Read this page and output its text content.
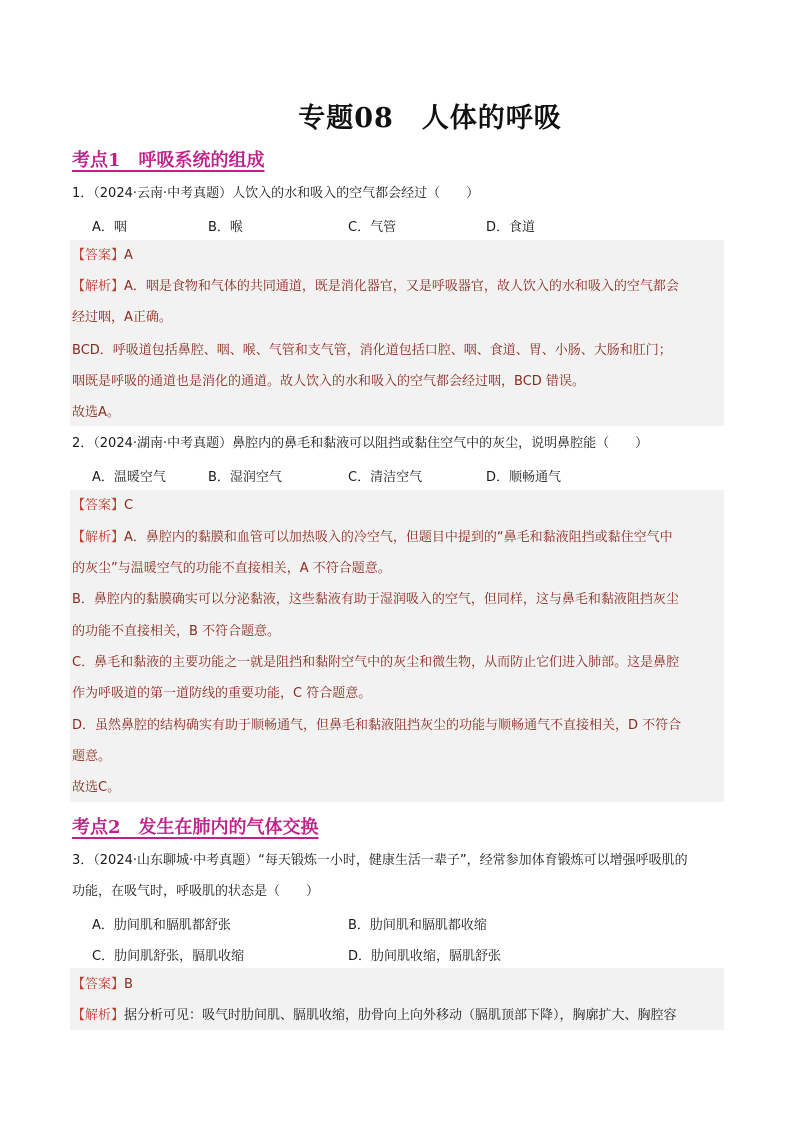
专题08　人体的呼吸
考点1　呼吸系统的组成
1．（2024·云南·中考真题）人饮入的水和吸入的空气都会经过（　　）
A．咽	B．喉	C．气管	D．食道
【答案】A
【解析】A．咽是食物和气体的共同通道，既是消化器官，又是呼吸器官，故人饮入的水和吸入的空气都会
经过咽，A正确。
BCD．呼吸道包括鼻腔、咽、喉、气管和支气管，消化道包括口腔、咽、食道、胃、小肠、大肠和肛门；
咽既是呼吸的通道也是消化的通道。故人饮入的水和吸入的空气都会经过咽，BCD 错误。
故选A。
2．（2024·湖南·中考真题）鼻腔内的鼻毛和黏液可以阻挡或黏住空气中的灰尘，说明鼻腔能（　　）
A．温暖空气	B．湿润空气	C．清洁空气	D．顺畅通气
【答案】C
【解析】A．鼻腔内的黏膜和血管可以加热吸入的冷空气，但题目中提到的“鼻毛和黏液阻挡或黏住空气中
的灰尘”与温暖空气的功能不直接相关，A 不符合题意。
B．鼻腔内的黏膜确实可以分泌黏液，这些黏液有助于湿润吸入的空气，但同样，这与鼻毛和黏液阻挡灰尘
的功能不直接相关，B 不符合题意。
C．鼻毛和黏液的主要功能之一就是阻挡和黏附空气中的灰尘和微生物，从而防止它们进入肺部。这是鼻腔
作为呼吸道的第一道防线的重要功能，C 符合题意。
D．虽然鼻腔的结构确实有助于顺畅通气，但鼻毛和黏液阻挡灰尘的功能与顺畅通气不直接相关，D 不符合
题意。
故选C。
考点2　发生在肺内的气体交换
3．（2024·山东聊城·中考真题）“每天锻炼一小时，健康生活一辈子”，经常参加体育锻炼可以增强呼吸肌的
功能，在吸气时，呼吸肌的状态是（　　）
A．肋间肌和膈肌都舒张	B．肋间肌和膈肌都收缩
C．肋间肌舒张，膈肌收缩	D．肋间肌收缩，膈肌舒张
【答案】B
【解析】据分析可见：吸气时肋间肌、膈肌收缩，肋骨向上向外移动（膈肌顶部下降），胸廓扩大、胸腔容
